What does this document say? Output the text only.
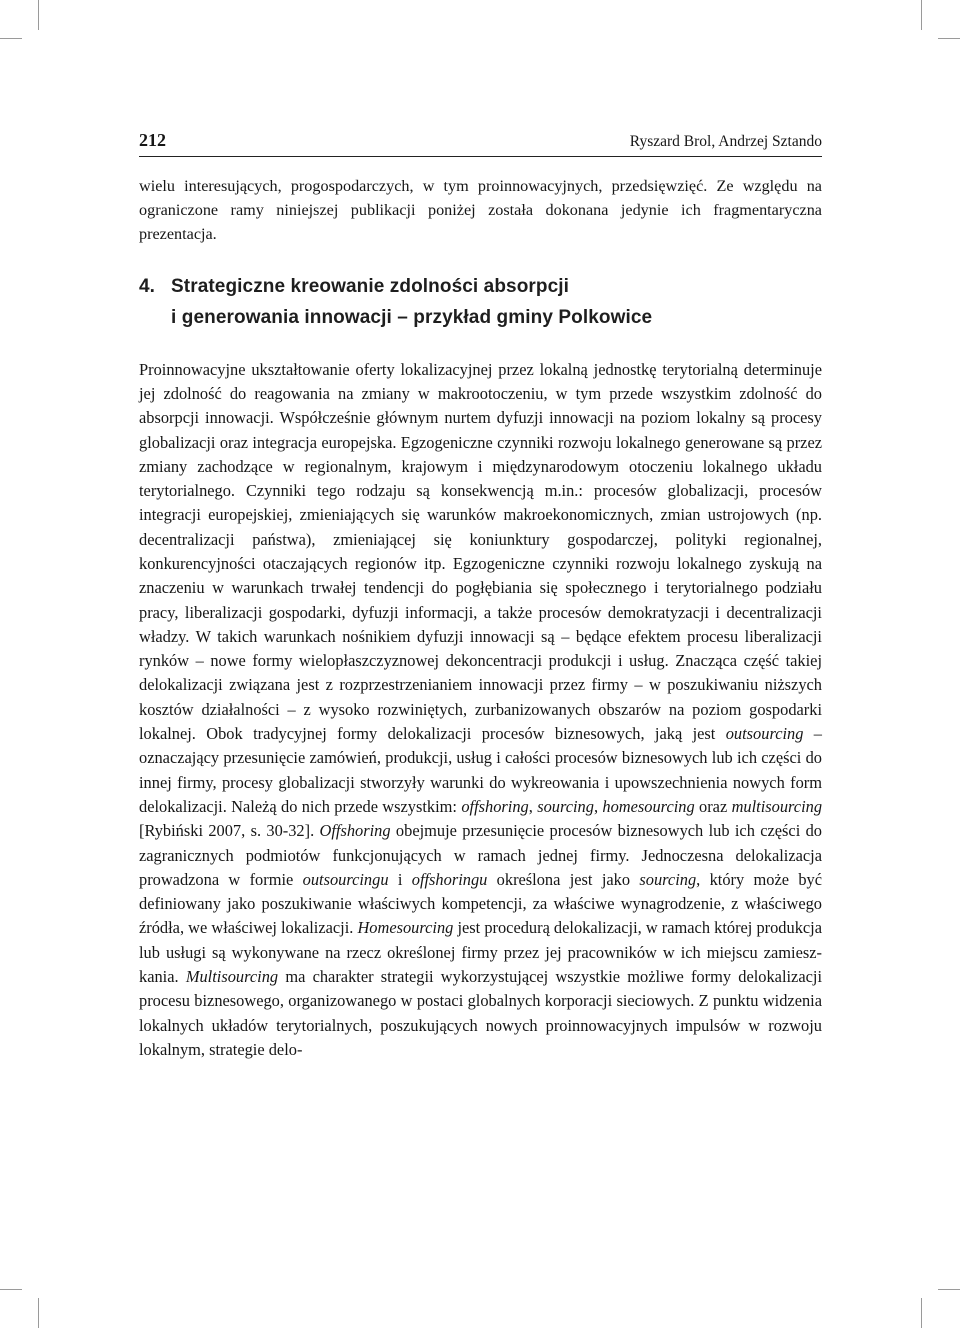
212	Ryszard Brol, Andrzej Sztando

wielu interesujących, progospodarczych, w tym proinnowacyjnych, przedsięwzięć. Ze względu na ograniczone ramy niniejszej publikacji poniżej została dokonana jedynie ich fragmentaryczna prezentacja.

4. Strategiczne kreowanie zdolności absorpcji
i generowania innowacji – przykład gminy Polkowice

Proinnowacyjne ukształtowanie oferty lokalizacyjnej przez lokalną jednostkę terytorialną determinuje jej zdolność do reagowania na zmiany w makrootoczeniu, w tym przede wszystkim zdolność do absorpcji innowacji. Współcześnie głównym nurtem dyfuzji innowacji na poziom lokalny są procesy globalizacji oraz integracja europejska. Egzogeniczne czynniki rozwoju lokalnego generowane są przez zmiany zachodzące w regionalnym, krajowym i międzynarodowym otoczeniu lokalnego układu terytorialnego. Czynniki tego rodzaju są konsekwencją m.in.: procesów globalizacji, procesów integracji europejskiej, zmieniających się warunków makroekonomicznych, zmian ustrojowych (np. decentralizacji państwa), zmieniającej się koniunktury gospodarczej, polityki regionalnej, konkurencyjności otaczających regionów itp. Egzogeniczne czynniki rozwoju lokalnego zyskują na znaczeniu w warunkach trwałej tendencji do pogłębiania się społecznego i terytorialnego podziału pracy, liberalizacji gospodarki, dyfuzji informacji, a także procesów demokratyzacji i decentralizacji władzy. W takich warunkach nośnikiem dyfuzji innowacji są – będące efektem procesu liberalizacji rynków – nowe formy wielopłaszczyznowej dekoncentracji produkcji i usług. Znacząca część takiej delokalizacji związana jest z rozprzestrzenianiem innowacji przez firmy – w poszukiwaniu niższych kosztów działalności – z wysoko rozwiniętych, zurbanizowanych obszarów na poziom gospodarki lokalnej. Obok tradycyjnej formy delokalizacji procesów biznesowych, jaką jest outsourcing – oznaczający przesunięcie zamówień, produkcji, usług i całości procesów biznesowych lub ich części do innej firmy, procesy globalizacji stworzyły warunki do wykreowania i upowszechnienia nowych form delokalizacji. Należą do nich przede wszystkim: offshoring, sourcing, homesourcing oraz multisourcing [Rybiński 2007, s. 30-32]. Offshoring obejmuje przesunięcie procesów biznesowych lub ich części do zagranicznych podmiotów funkcjonujących w ramach jednej firmy. Jednoczesna delokalizacja prowadzona w formie outsourcingu i offshoringu określona jest jako sourcing, który może być definiowany jako poszukiwanie właściwych kompetencji, za właściwe wynagrodzenie, z właściwego źródła, we właściwej lokalizacji. Homesourcing jest procedurą delokalizacji, w ramach której produkcja lub usługi są wykonywane na rzecz określonej firmy przez jej pracowników w ich miejscu zamieszkania. Multisourcing ma charakter strategii wykorzystującej wszystkie możliwe formy delokalizacji procesu biznesowego, organizowanego w postaci globalnych korporacji sieciowych. Z punktu widzenia lokalnych układów terytorialnych, poszukujących nowych proinnowacyjnych impulsów w rozwoju lokalnym, strategie delo-
